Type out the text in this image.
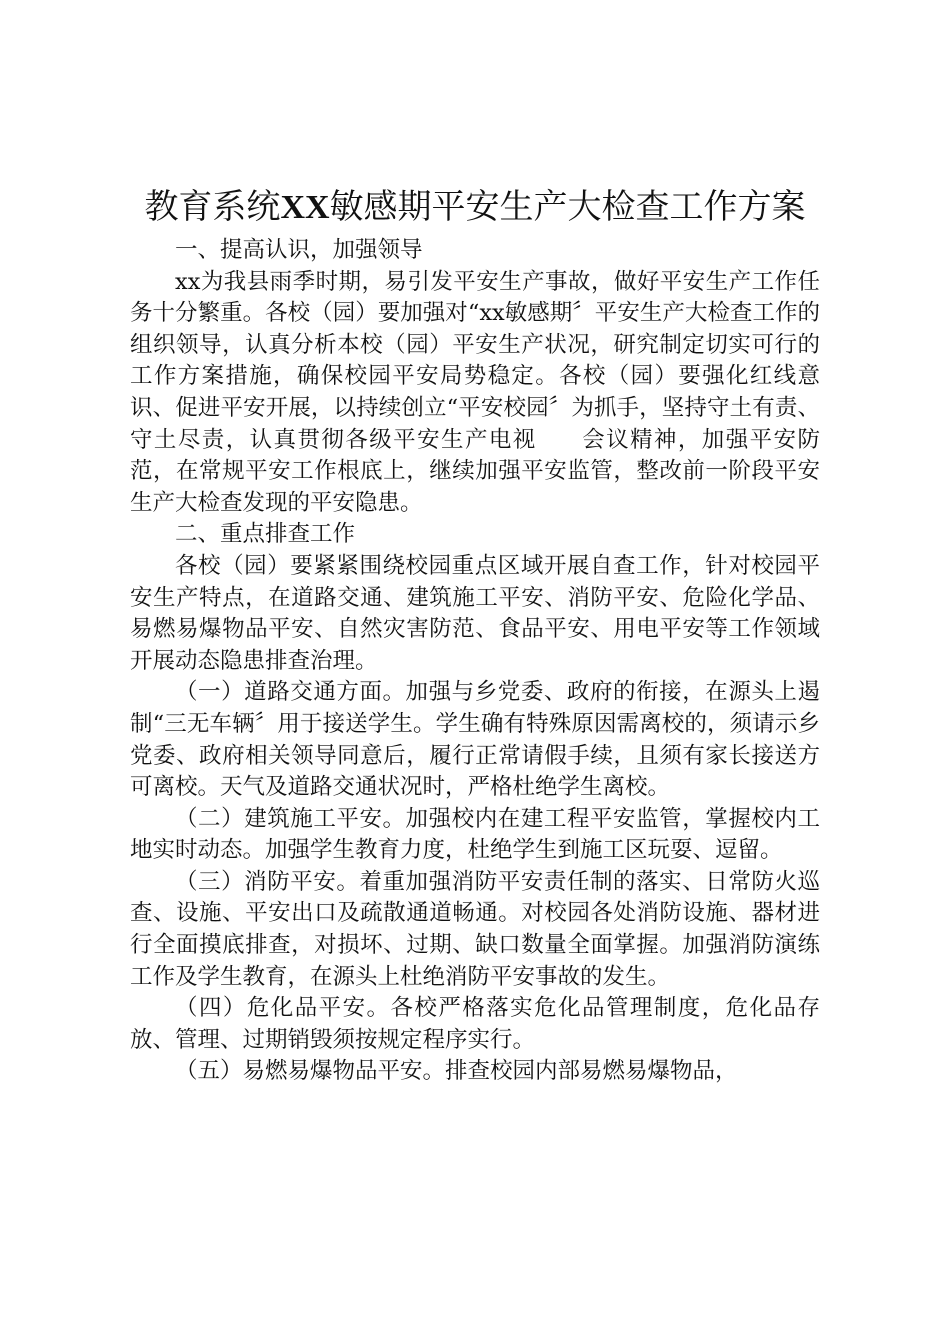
教育系统XX敏感期平安生产大检查工作方案

一、提高认识，加强领导

xx为我县雨季时期，易引发平安生产事故，做好平安生产工作任务十分繁重。各校（园）要加强对“xx敏感期〞平安生产大检查工作的组织领导，认真分析本校（园）平安生产状况，研究制定切实可行的工作方案措施，确保校园平安局势稳定。各校（园）要强化红线意识、促进平安开展，以持续创立“平安校园〞为抓手，坚持守土有责、守土尽责，认真贯彻各级平安生产电视 会议精神，加强平安防范，在常规平安工作根底上，继续加强平安监管，整改前一阶段平安生产大检查发现的平安隐患。

二、重点排查工作

各校（园）要紧紧围绕校园重点区域开展自查工作，针对校园平安生产特点，在道路交通、建筑施工平安、消防平安、危险化学品、易燃易爆物品平安、自然灾害防范、食品平安、用电平安等工作领域开展动态隐患排查治理。

（一）道路交通方面。加强与乡党委、政府的衔接，在源头上遏制“三无车辆〞用于接送学生。学生确有特殊原因需离校的，须请示乡党委、政府相关领导同意后，履行正常请假手续，且须有家长接送方可离校。天气及道路交通状况时，严格杜绝学生离校。

（二）建筑施工平安。加强校内在建工程平安监管，掌握校内工地实时动态。加强学生教育力度，杜绝学生到施工区玩耍、逗留。

（三）消防平安。着重加强消防平安责任制的落实、日常防火巡查、设施、平安出口及疏散通道畅通。对校园各处消防设施、器材进行全面摸底排查，对损坏、过期、缺口数量全面掌握。加强消防演练工作及学生教育，在源头上杜绝消防平安事故的发生。

（四）危化品平安。各校严格落实危化品管理制度，危化品存放、管理、过期销毁须按规定程序实行。

（五）易燃易爆物品平安。排查校园内部易燃易爆物品，
